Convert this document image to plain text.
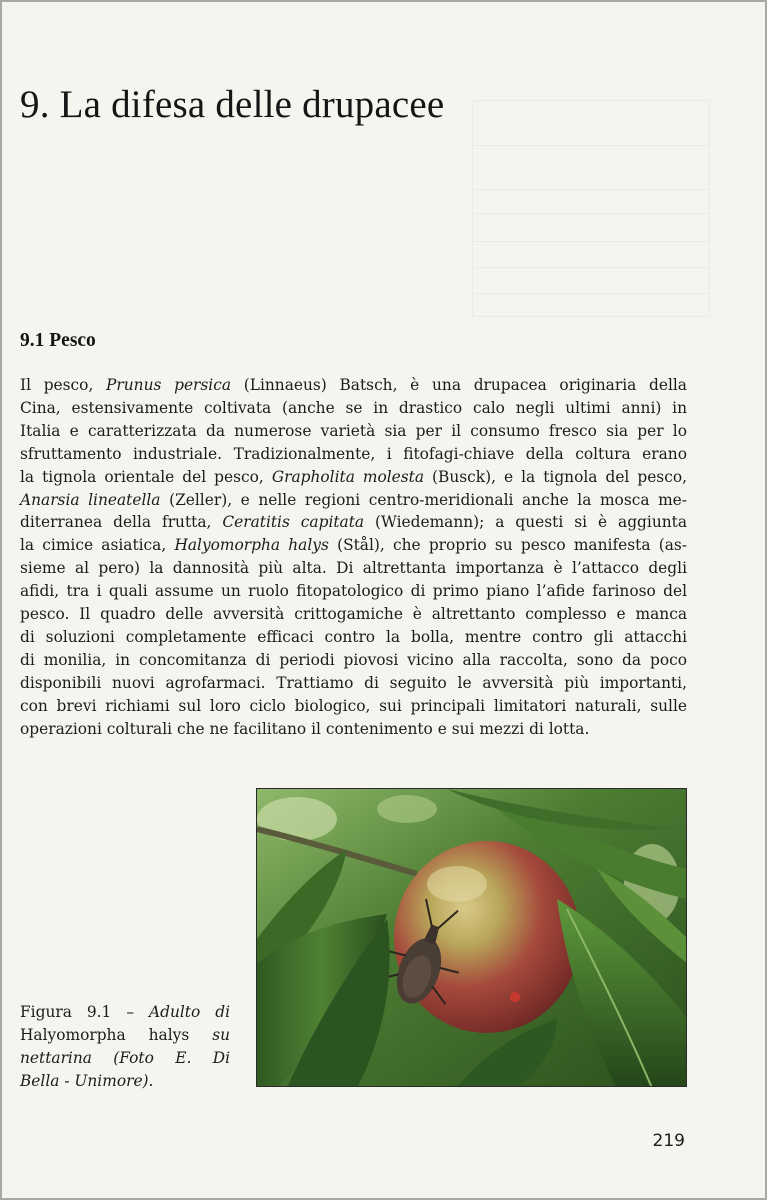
9. La difesa delle drupacee
9.1 Pesco
Il pesco, Prunus persica (Linnaeus) Batsch, è una drupacea originaria della
Cina, estensivamente coltivata (anche se in drastico calo negli ultimi anni) in
Italia e caratterizzata da numerose varietà sia per il consumo fresco sia per lo
sfruttamento industriale. Tradizionalmente, i fitofagi-chiave della coltura erano
la tignola orientale del pesco, Grapholita molesta (Busck), e la tignola del pesco,
Anarsia lineatella (Zeller), e nelle regioni centro-meridionali anche la mosca me-
diterranea della frutta, Ceratitis capitata (Wiedemann); a questi si è aggiunta
la cimice asiatica, Halyomorpha halys (Stål), che proprio su pesco manifesta (as-
sieme al pero) la dannosità più alta. Di altrettanta importanza è l’attacco degli
afidi, tra i quali assume un ruolo fitopatologico di primo piano l’afide farinoso del
pesco. Il quadro delle avversità crittogamiche è altrettanto complesso e manca
di soluzioni completamente efficaci contro la bolla, mentre contro gli attacchi
di monilia, in concomitanza di periodi piovosi vicino alla raccolta, sono da poco
disponibili nuovi agrofarmaci. Trattiamo di seguito le avversità più importanti,
con brevi richiami sul loro ciclo biologico, sui principali limitatori naturali, sulle
operazioni colturali che ne facilitano il contenimento e sui mezzi di lotta.
Figura 9.1 – Adulto di
Halyomorpha halys su
nettarina (Foto E. Di
Bella - Unimore).

219
